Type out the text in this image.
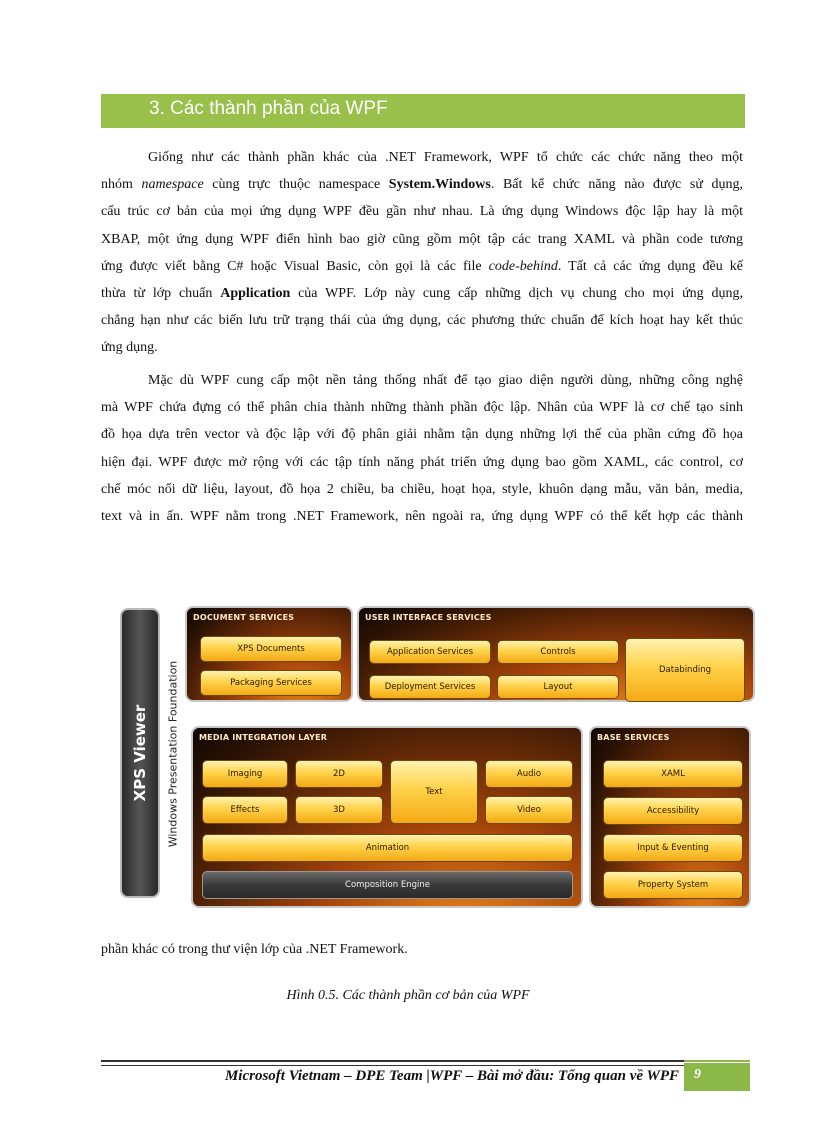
3. Các thành phần của WPF
Giống như các thành phần khác của .NET Framework, WPF tổ chức các chức năng theo một
nhóm namespace cùng trực thuộc namespace System.Windows. Bất kể chức năng nào được sử dụng,
cấu trúc cơ bản của mọi ứng dụng WPF đều gần như nhau. Là ứng dụng Windows độc lập hay là một
XBAP, một ứng dụng WPF điển hình bao giờ cũng gồm một tập các trang XAML và phần code tương
ứng được viết bằng C# hoặc Visual Basic, còn gọi là các file code-behind. Tất cả các ứng dụng đều kế
thừa từ lớp chuẩn Application của WPF. Lớp này cung cấp những dịch vụ chung cho mọi ứng dụng,
chẳng hạn như các biến lưu trữ trạng thái của ứng dụng, các phương thức chuẩn để kích hoạt hay kết thúc
ứng dụng.
Mặc dù WPF cung cấp một nền tảng thống nhất để tạo giao diện người dùng, những công nghệ
mà WPF chứa đựng có thể phân chia thành những thành phần độc lập. Nhân của WPF là cơ chế tạo sinh
đồ họa dựa trên vector và độc lập với độ phân giải nhằm tận dụng những lợi thế của phần cứng đồ họa
hiện đại. WPF được mở rộng với các tập tính năng phát triển ứng dụng bao gồm XAML, các control, cơ
chế móc nối dữ liệu, layout, đồ họa 2 chiều, ba chiều, hoạt họa, style, khuôn dạng mẫu, văn bản, media,
text và in ấn. WPF nằm trong .NET Framework, nên ngoài ra, ứng dụng WPF có thể kết hợp các thành
XPS Viewer Windows Presentation Foundation
DOCUMENT SERVICES
XPS Documents
Packaging Services
USER INTERFACE SERVICES
Application Services	Controls
Databinding
Deployment Services	Layout
MEDIA INTEGRATION LAYER
Imaging	2D
Text
Audio
Effects	3D	Video
Animation
Composition Engine
BASE SERVICES
XAML
Accessibility
Input & Eventing
Property System

phần khác có trong thư viện lớp của .NET Framework.

Hình 0.5. Các thành phần cơ bản của WPF

Microsoft Vietnam – DPE Team |WPF – Bài mở đầu: Tổng quan về WPF 9
